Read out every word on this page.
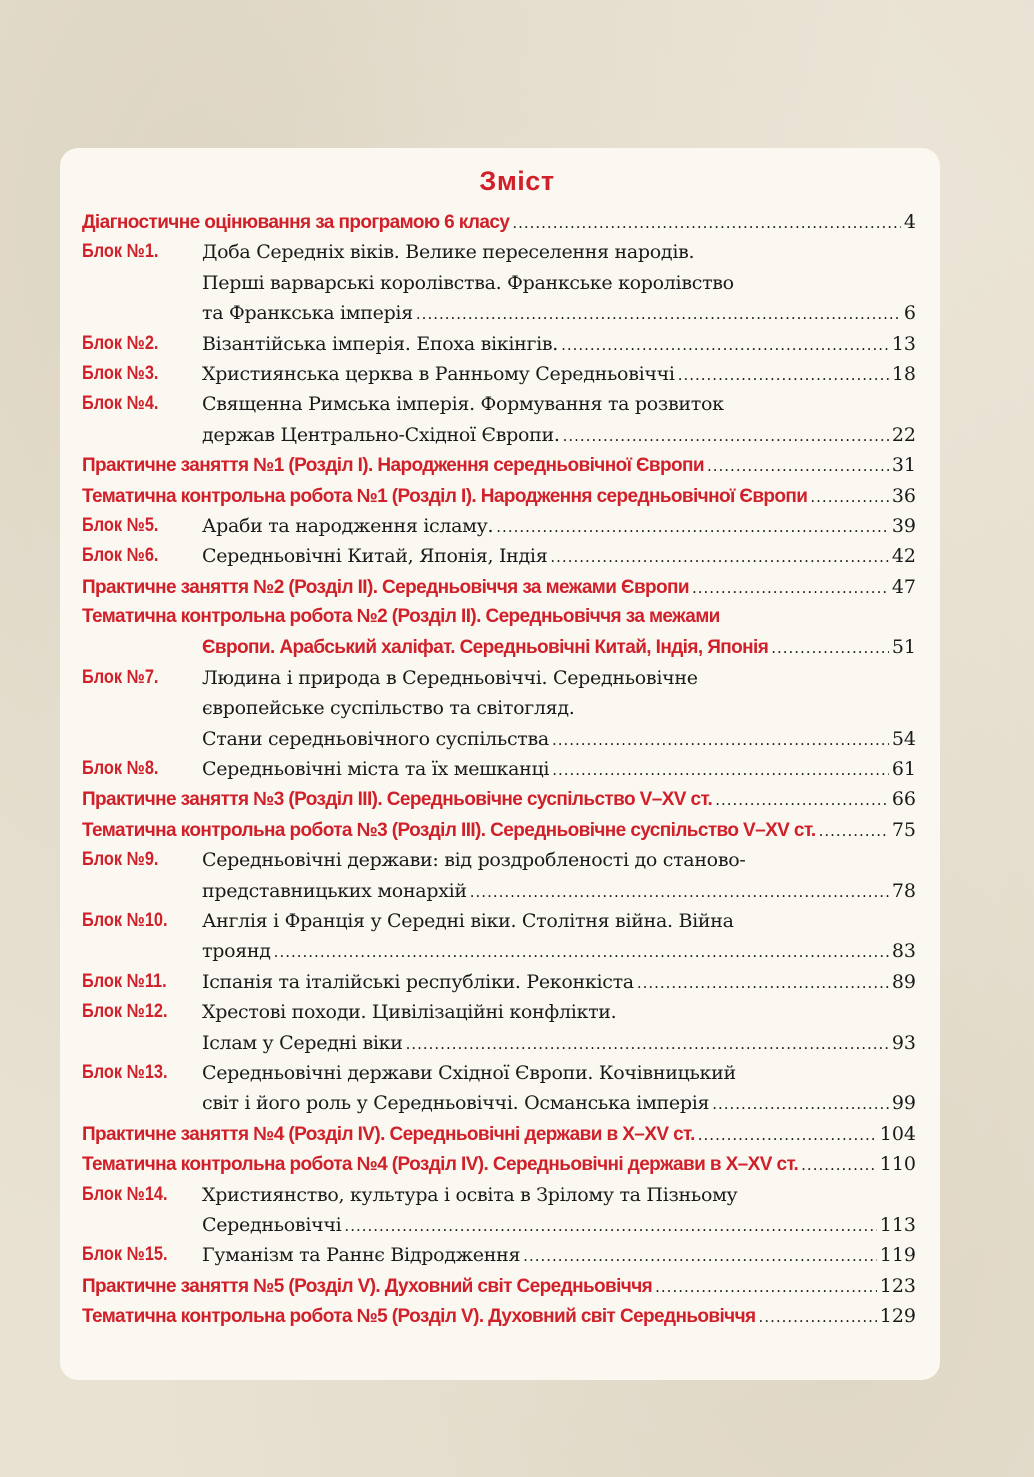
Зміст
Діагностичне оцінювання за програмою 6 класу .....	4
Блок №1. Доба Середніх віків. Велике переселення народів.
Перші варварські королівства. Франкське королівство
та Франкська імперія .....	6
Блок №2. Візантійська імперія. Епоха вікінгів. .....	13
Блок №3. Християнська церква в Ранньому Середньовіччі .....	18
Блок №4. Священна Римська імперія. Формування та розвиток
держав Центрально-Східної Європи. .....	22
Практичне заняття №1 (Розділ І). Народження середньовічної Європи .....	31
Тематична контрольна робота №1 (Розділ І). Народження середньовічної Європи .....	36
Блок №5. Араби та народження ісламу. .....	39
Блок №6. Середньовічні Китай, Японія, Індія .....	42
Практичне заняття №2 (Розділ ІІ). Середньовіччя за межами Європи .....	47
Тематична контрольна робота №2 (Розділ ІІ). Середньовіччя за межами
Європи. Арабський халіфат. Середньовічні Китай, Індія, Японія .....	51
Блок №7. Людина і природа в Середньовіччі. Середньовічне
європейське суспільство та світогляд.
Стани середньовічного суспільства .....	54
Блок №8. Середньовічні міста та їх мешканці .....	61
Практичне заняття №3 (Розділ ІІІ). Середньовічне суспільство V–XV ст. .....	66
Тематична контрольна робота №3 (Розділ ІІІ). Середньовічне суспільство V–XV ст. .....	75
Блок №9. Середньовічні держави: від роздробленості до станово-
представницьких монархій .....	78
Блок №10. Англія і Франція у Середні віки. Столітня війна. Війна
троянд .....	83
Блок №11. Іспанія та італійські республіки. Реконкіста .....	89
Блок №12. Хрестові походи. Цивілізаційні конфлікти.
Іслам у Середні віки .....	93
Блок №13. Середньовічні держави Східної Європи. Кочівницький
світ і його роль у Середньовіччі. Османська імперія .....	99
Практичне заняття №4 (Розділ IV). Середньовічні держави в Х–XV ст. .....	104
Тематична контрольна робота №4 (Розділ IV). Середньовічні держави в Х–XV ст. .....	110
Блок №14. Християнство, культура і освіта в Зрілому та Пізньому
Середньовіччі .....	113
Блок №15. Гуманізм та Раннє Відродження .....	119
Практичне заняття №5 (Розділ V). Духовний світ Середньовіччя .....	123
Тематична контрольна робота №5 (Розділ V). Духовний світ Середньовіччя .....	129
